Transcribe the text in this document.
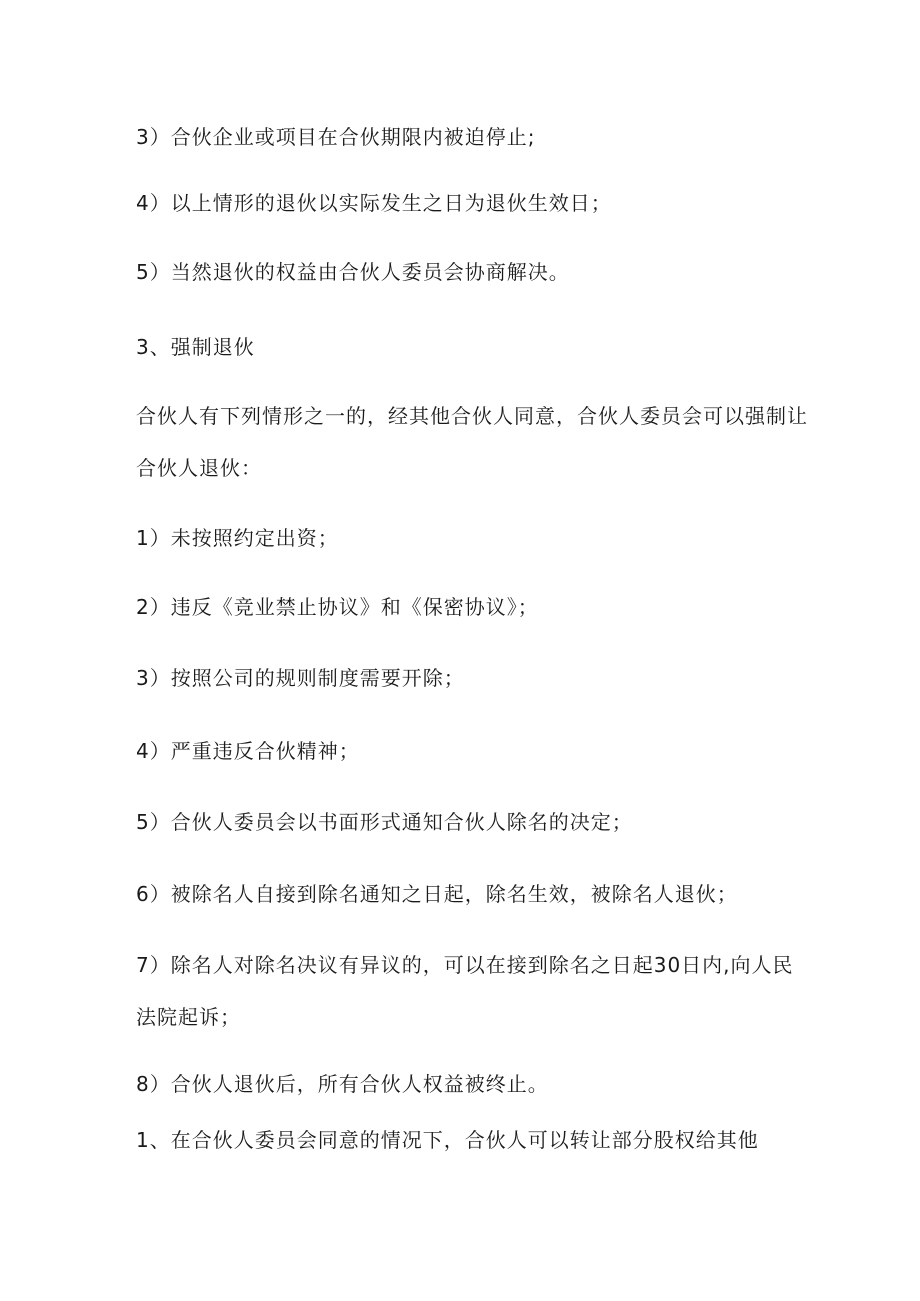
3）合伙企业或项目在合伙期限内被迫停止;
4）以上情形的退伙以实际发生之日为退伙生效日；
5）当然退伙的权益由合伙人委员会协商解决。
3、强制退伙
合伙人有下列情形之一的，经其他合伙人同意，合伙人委员会可以强制让
合伙人退伙：
1）未按照约定出资；
2）违反《竞业禁止协议》和《保密协议》；
3）按照公司的规则制度需要开除；
4）严重违反合伙精神；
5）合伙人委员会以书面形式通知合伙人除名的决定；
6）被除名人自接到除名通知之日起，除名生效，被除名人退伙；
7）除名人对除名决议有异议的，可以在接到除名之日起30日内,向人民
法院起诉；
8）合伙人退伙后，所有合伙人权益被终止。
1、在合伙人委员会同意的情况下，合伙人可以转让部分股权给其他
